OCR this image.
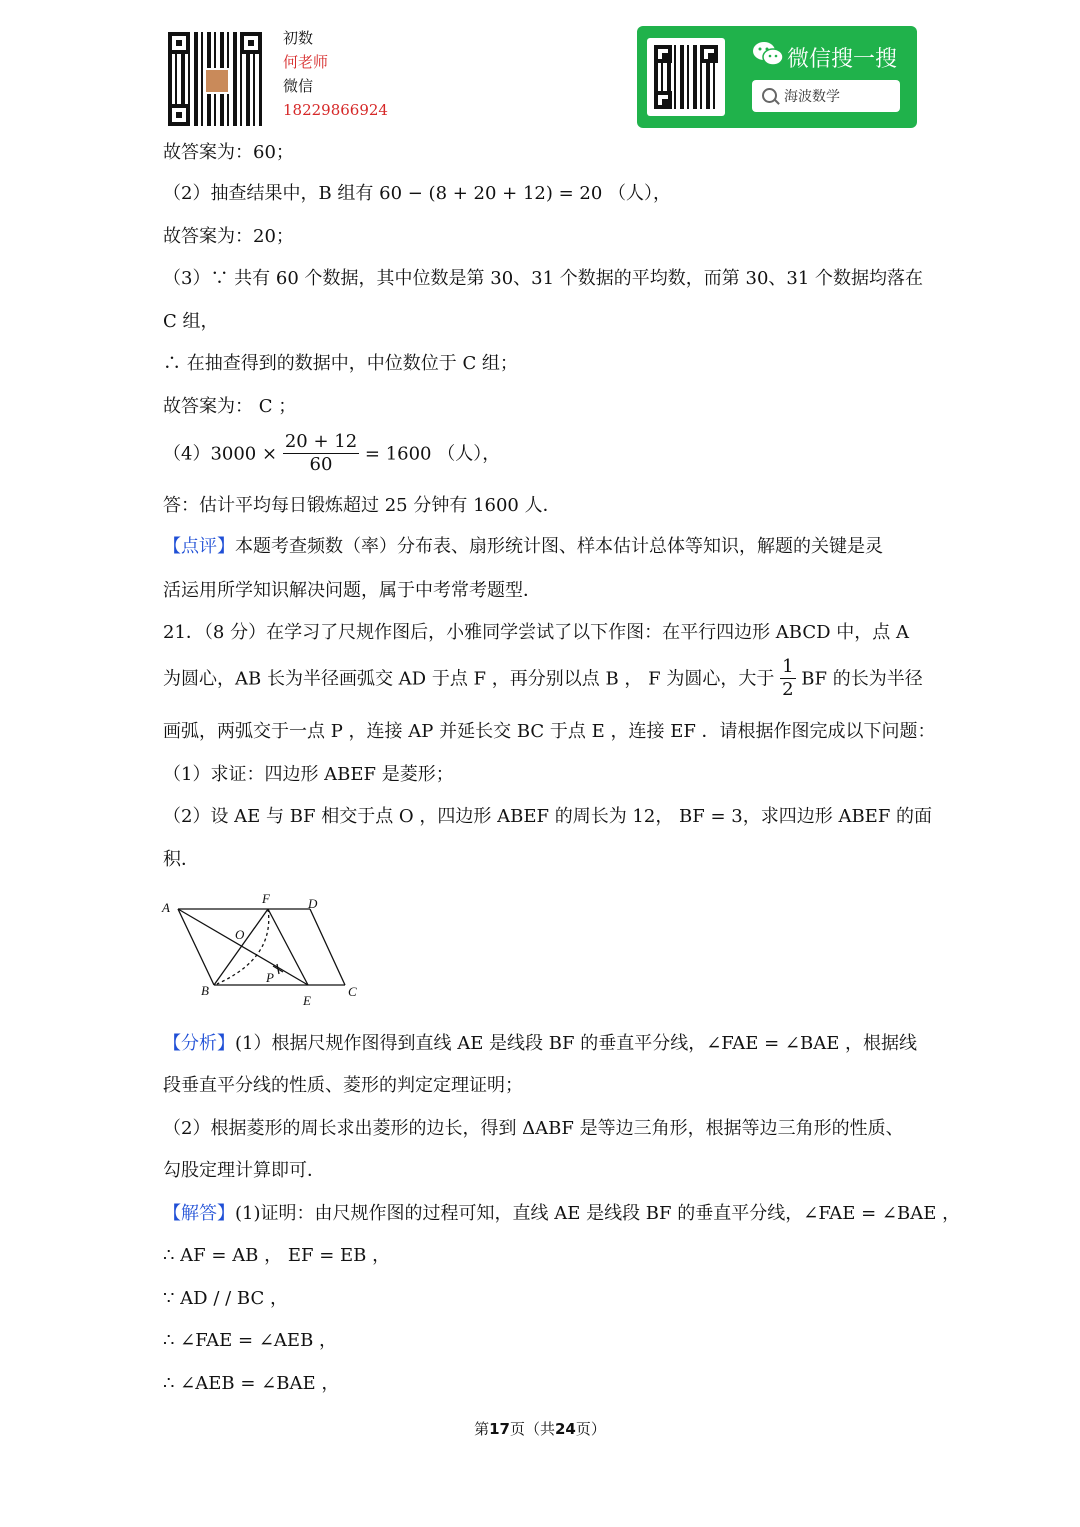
初数
何老师
微信
18229866924
微信搜一搜
海波数学
故答案为：60；
（2）抽查结果中，B 组有 60 − (8 + 20 + 12) = 20 （人），
故答案为：20；
（3）∵ 共有 60 个数据，其中位数是第 30、31 个数据的平均数，而第 30、31 个数据均落在
C 组，
∴ 在抽查得到的数据中，中位数位于 C 组；
故答案为： C ；
$(4)3000 \times \frac{20 + 12}{60} = 1600$ （人），
答：估计平均每日锻炼超过 25 分钟有 1600 人．
【点评】本题考查频数（率）分布表、扇形统计图、样本估计总体等知识，解题的关键是灵
活运用所学知识解决问题，属于中考常考题型．
21．（8 分）在学习了尺规作图后，小雅同学尝试了以下作图：在平行四边形 ABCD 中，点 A
为圆心，AB 长为半径画弧交 AD 于点 F ，再分别以点 B ， F 为圆心，大于 $\frac{1}{2}$ BF 的长为半径
画弧，两弧交于一点 P ，连接 AP 并延长交 BC 于点 E ，连接 EF ．请根据作图完成以下问题：
（1）求证：四边形 ABEF 是菱形；
（2）设 AE 与 BF 相交于点 O ，四边形 ABEF 的周长为 12， BF = 3，求四边形 ABEF 的面
积．
A
F	D
O
P
B
E
C
【分析】(1）根据尺规作图得到直线 AE 是线段 BF 的垂直平分线，∠FAE = ∠BAE ，根据线
段垂直平分线的性质、菱形的判定定理证明；
（2）根据菱形的周长求出菱形的边长，得到 ΔABF 是等边三角形，根据等边三角形的性质、
勾股定理计算即可．
【解答】(1)证明：由尺规作图的过程可知，直线 AE 是线段 BF 的垂直平分线，∠FAE = ∠BAE ，
∴ AF = AB ， EF = EB ，
∵ AD / / BC ，
∴ ∠FAE = ∠AEB ，
∴ ∠AEB = ∠BAE ，
第17页（共24页）
